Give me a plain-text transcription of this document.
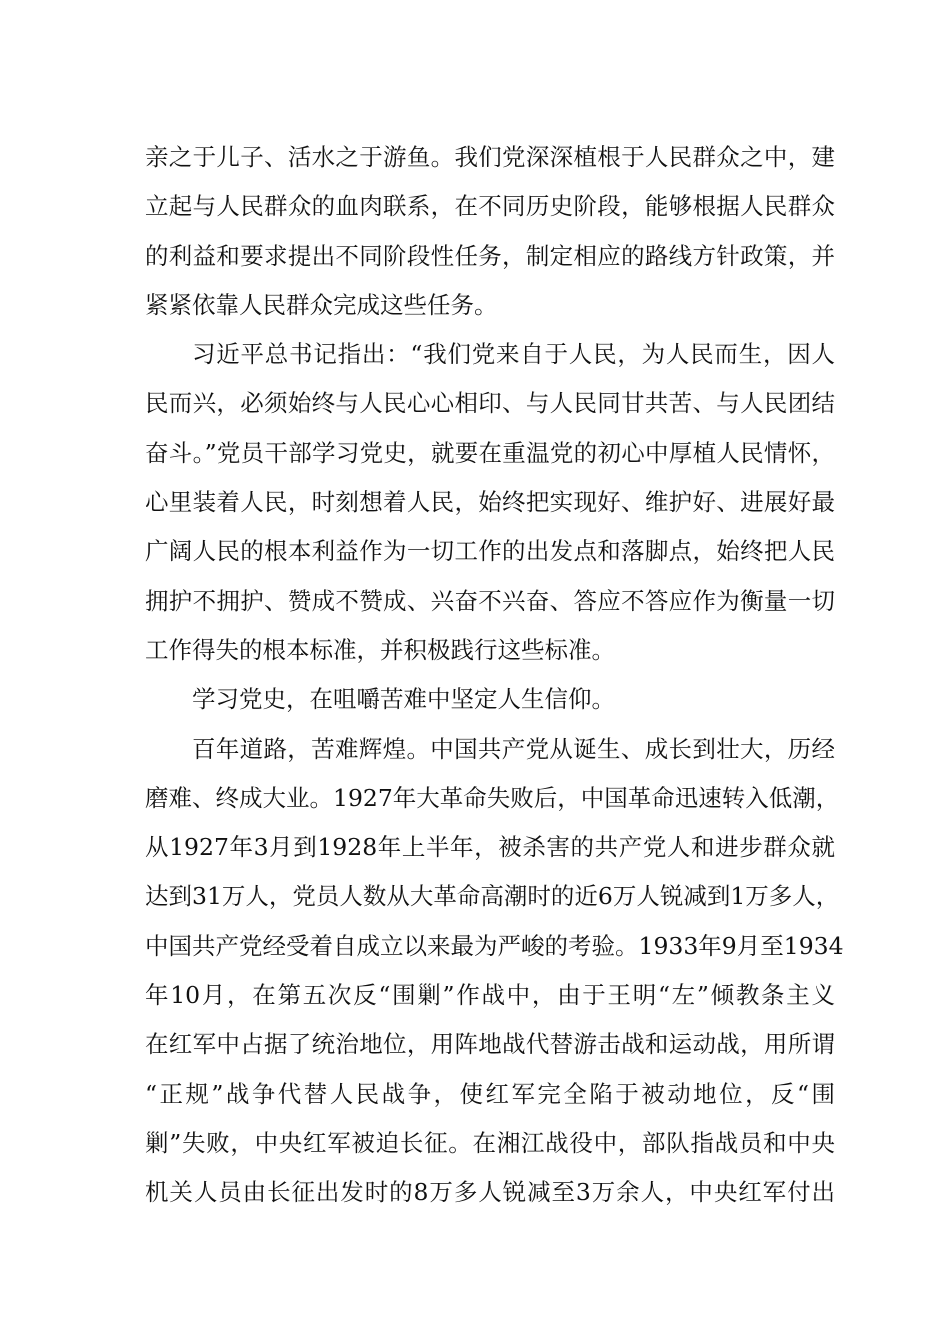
亲之于儿子、活水之于游鱼。我们党深深植根于人民群众之中，建
立起与人民群众的血肉联系，在不同历史阶段，能够根据人民群众
的利益和要求提出不同阶段性任务，制定相应的路线方针政策，并
紧紧依靠人民群众完成这些任务。
习近平总书记指出：“我们党来自于人民，为人民而生，因人
民而兴，必须始终与人民心心相印、与人民同甘共苦、与人民团结
奋斗。”党员干部学习党史，就要在重温党的初心中厚植人民情怀，
心里装着人民，时刻想着人民，始终把实现好、维护好、进展好最
广阔人民的根本利益作为一切工作的出发点和落脚点，始终把人民
拥护不拥护、赞成不赞成、兴奋不兴奋、答应不答应作为衡量一切
工作得失的根本标准，并积极践行这些标准。
学习党史，在咀嚼苦难中坚定人生信仰。
百年道路，苦难辉煌。中国共产党从诞生、成长到壮大，历经
磨难、终成大业。1927年大革命失败后，中国革命迅速转入低潮，
从1927年3月到1928年上半年，被杀害的共产党人和进步群众就
达到31万人，党员人数从大革命高潮时的近6万人锐减到1万多人，
中国共产党经受着自成立以来最为严峻的考验。1933年9月至1934
年10月，在第五次反“围剿”作战中，由于王明“左”倾教条主义
在红军中占据了统治地位，用阵地战代替游击战和运动战，用所谓
“正规”战争代替人民战争，使红军完全陷于被动地位，反“围
剿”失败，中央红军被迫长征。在湘江战役中，部队指战员和中央
机关人员由长征出发时的8万多人锐减至3万余人，中央红军付出
